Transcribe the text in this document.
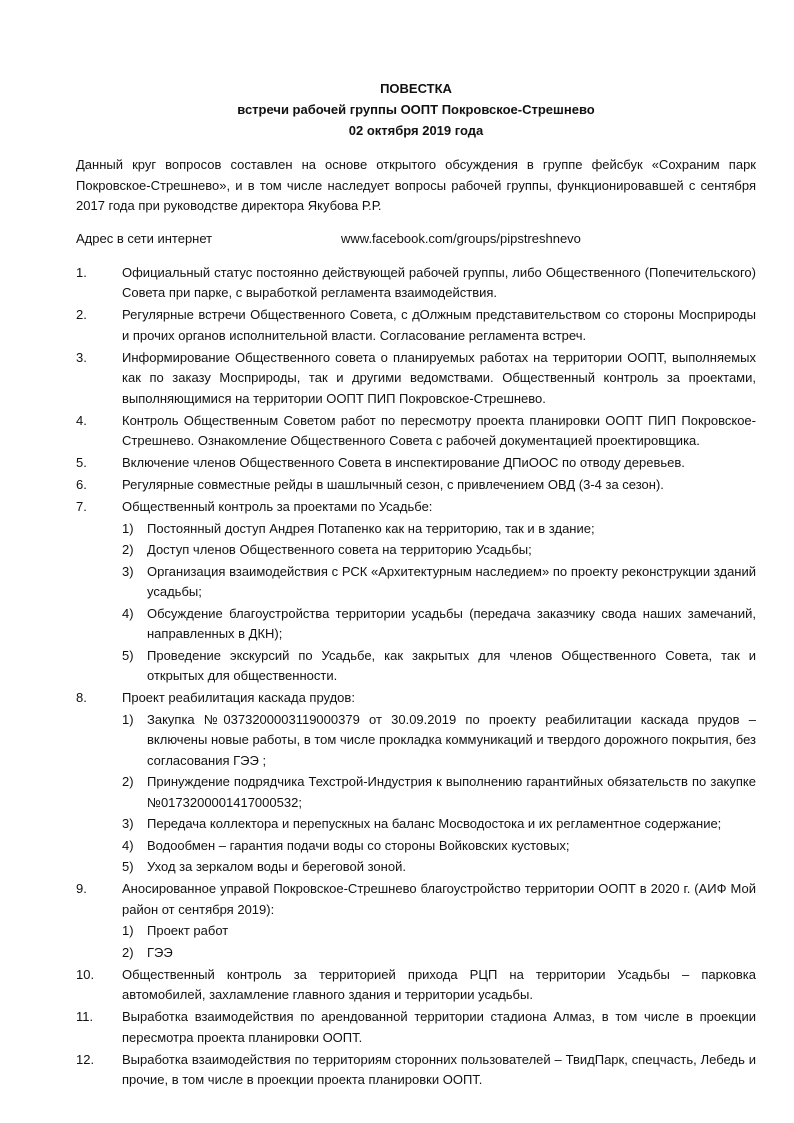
ПОВЕСТКА
встречи рабочей группы ООПТ Покровское-Стрешнево
02 октября 2019 года
Данный круг вопросов составлен на основе открытого обсуждения в группе фейсбук «Сохраним парк Покровское-Стрешнево», и в том числе наследует вопросы рабочей группы, функционировавшей с сентября 2017 года при руководстве директора Якубова Р.Р.
Адрес в сети интернет	www.facebook.com/groups/pipstreshnevo
1.	Официальный статус постоянно действующей рабочей группы, либо Общественного (Попечительского) Совета при парке, с выработкой регламента взаимодействия.
2.	Регулярные встречи Общественного Совета, с дОлжным представительством со стороны Мосприроды и прочих органов исполнительной власти. Согласование регламента встреч.
3.	Информирование Общественного совета о планируемых работах на территории ООПТ, выполняемых как по заказу Мосприроды, так и другими ведомствами. Общественный контроль за проектами, выполняющимися на территории ООПТ ПИП Покровское-Стрешнево.
4.	Контроль Общественным Советом работ по пересмотру проекта планировки ООПТ ПИП Покровское-Стрешнево. Ознакомление Общественного Совета с рабочей документацией проектировщика.
5.	Включение членов Общественного Совета в инспектирование ДПиООС по отводу деревьев.
6.	Регулярные совместные рейды в шашлычный сезон, с привлечением ОВД (3-4 за сезон).
7.	Общественный контроль за проектами по Усадьбе:
1) Постоянный доступ Андрея Потапенко как на территорию, так и в здание;
2) Доступ членов Общественного совета на территорию Усадьбы;
3) Организация взаимодействия с РСК «Архитектурным наследием» по проекту реконструкции зданий усадьбы;
4) Обсуждение благоустройства территории усадьбы (передача заказчику свода наших замечаний, направленных в ДКН);
5) Проведение экскурсий по Усадьбе, как закрытых для членов Общественного Совета, так и открытых для общественности.
8.	Проект реабилитация каскада прудов:
1) Закупка №0373200003119000379 от 30.09.2019 по проекту реабилитации каскада прудов – включены новые работы, в том числе прокладка коммуникаций и твердого дорожного покрытия, без согласования ГЭЭ ;
2) Принуждение подрядчика Техстрой-Индустрия к выполнению гарантийных обязательств по закупке №0173200001417000532;
3) Передача коллектора и перепускных на баланс Мосводостока и их регламентное содержание;
4) Водообмен – гарантия подачи воды со стороны Войковских кустовых;
5) Уход за зеркалом воды и береговой зоной.
9.	Аносированное управой Покровское-Стрешнево благоустройство территории ООПТ в 2020 г. (АИФ Мой район от сентября 2019):
1) Проект работ
2) ГЭЭ
10.	Общественный контроль за территорией прихода РЦП на территории Усадьбы – парковка автомобилей, захламление главного здания и территории усадьбы.
11.	Выработка взаимодействия по арендованной территории стадиона Алмаз, в том числе в проекции пересмотра проекта планировки ООПТ.
12.	Выработка взаимодействия по территориям сторонних пользователей – ТвидПарк, спецчасть, Лебедь и прочие, в том числе в проекции проекта планировки ООПТ.
